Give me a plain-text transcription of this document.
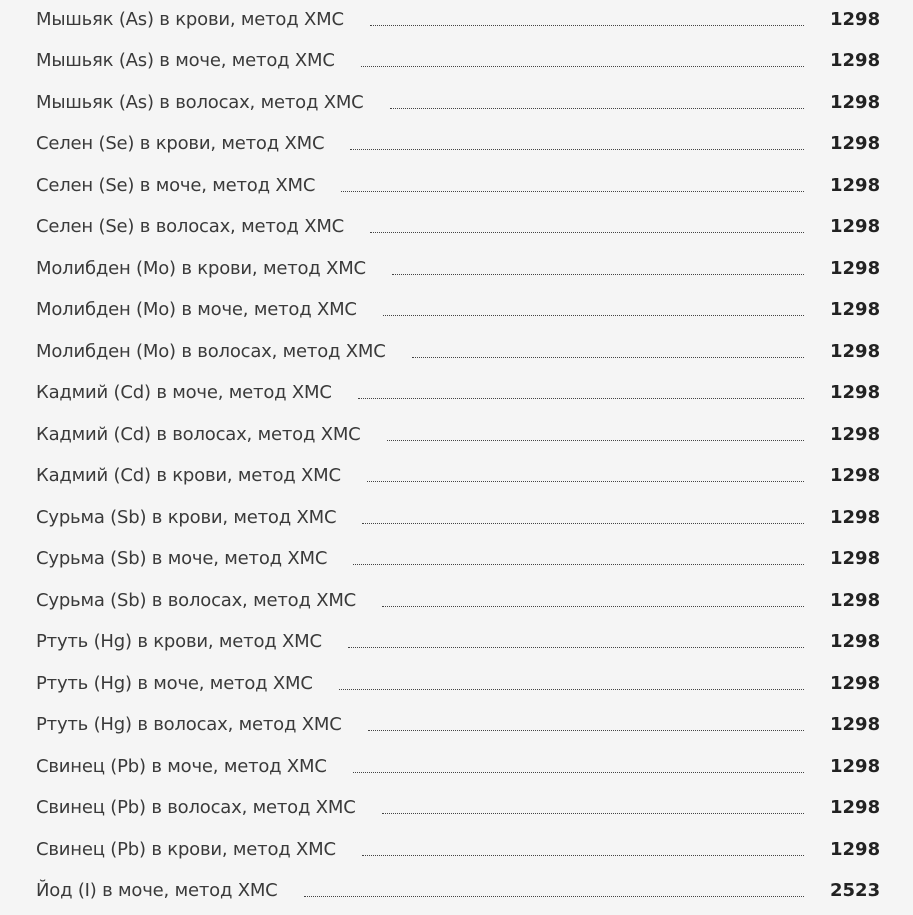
Мышьяк (As) в крови, метод ХМС	1298
Мышьяк (As) в моче, метод ХМС	1298
Мышьяк (As) в волосах, метод ХМС	1298
Селен (Se) в крови, метод ХМС	1298
Селен (Se) в моче, метод ХМС	1298
Селен (Se) в волосах, метод ХМС	1298
Молибден (Mo) в крови, метод ХМС	1298
Молибден (Mo) в моче, метод ХМС	1298
Молибден (Mo) в волосах, метод ХМС	1298
Кадмий (Cd) в моче, метод ХМС	1298
Кадмий (Cd) в волосах, метод ХМС	1298
Кадмий (Cd) в крови, метод ХМС	1298
Сурьма (Sb) в крови, метод ХМС	1298
Сурьма (Sb) в моче, метод ХМС	1298
Сурьма (Sb) в волосах, метод ХМС	1298
Ртуть (Hg) в крови, метод ХМС	1298
Ртуть (Hg) в моче, метод ХМС	1298
Ртуть (Hg) в волосах, метод ХМС	1298
Свинец (Pb) в моче, метод ХМС	1298
Свинец (Pb) в волосах, метод ХМС	1298
Свинец (Pb) в крови, метод ХМС	1298
Йод (I) в моче, метод ХМС	2523
